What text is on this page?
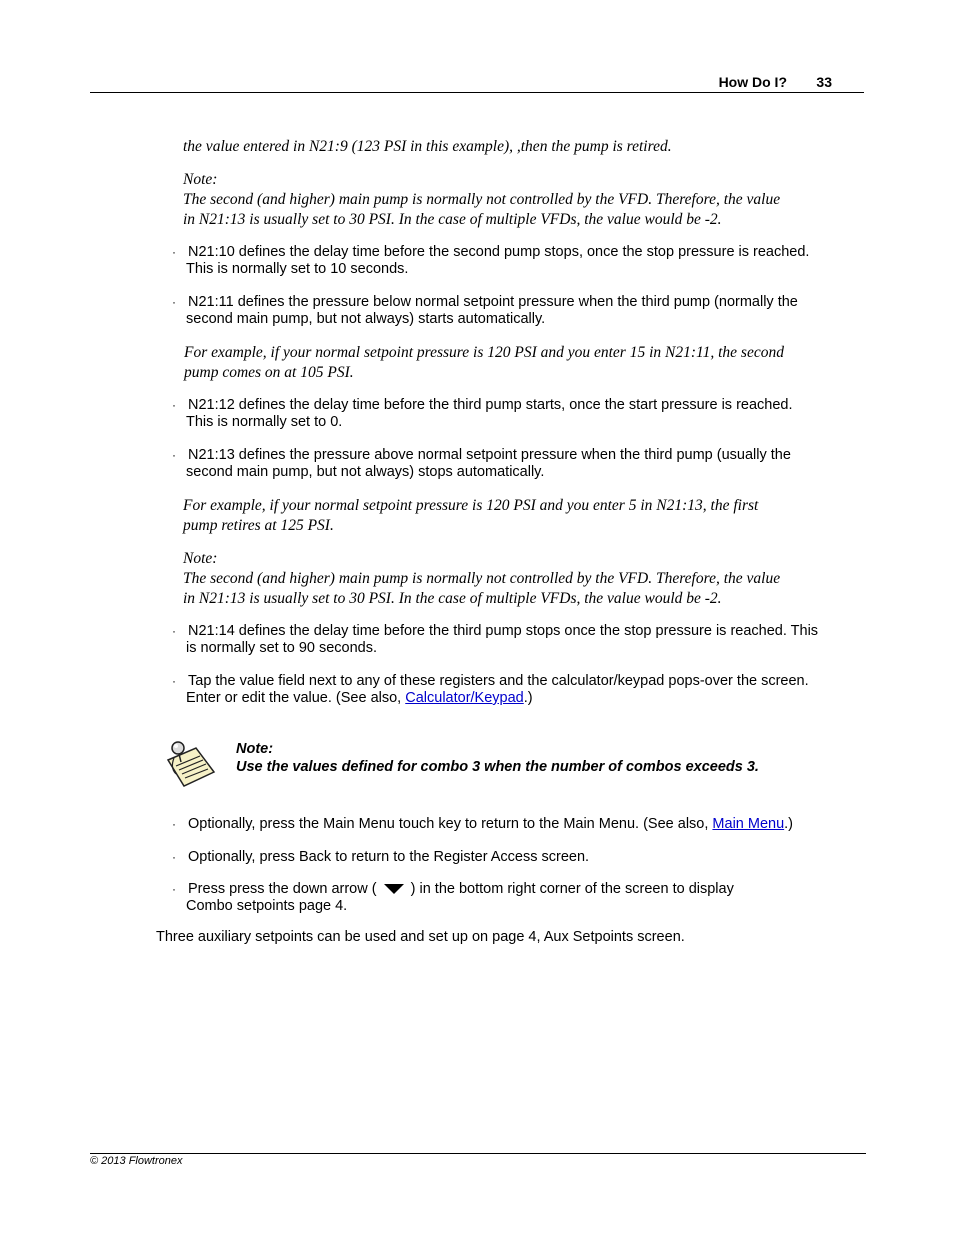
How Do I? 33
the value entered in N21:9 (123 PSI in this example), ,then the pump is retired.
Note:
The second (and higher) main pump is normally not controlled by the VFD. Therefore, the value
in N21:13 is usually set to 30 PSI. In the case of multiple VFDs, the value would be -2.
· N21:10 defines the delay time before the second pump stops, once the stop pressure is reached.
This is normally set to 10 seconds.
· N21:11 defines the pressure below normal setpoint pressure when the third pump (normally the
second main pump, but not always) starts automatically.
For example, if your normal setpoint pressure is 120 PSI and you enter 15 in N21:11, the second
pump comes on at 105 PSI.
· N21:12 defines the delay time before the third pump starts, once the start pressure is reached.
This is normally set to 0.
· N21:13 defines the pressure above normal setpoint pressure when the third pump (usually the
second main pump, but not always) stops automatically.
For example, if your normal setpoint pressure is 120 PSI and you enter 5 in N21:13, the first
pump retires at 125 PSI.
Note:
The second (and higher) main pump is normally not controlled by the VFD. Therefore, the value
in N21:13 is usually set to 30 PSI. In the case of multiple VFDs, the value would be -2.
· N21:14 defines the delay time before the third pump stops once the stop pressure is reached. This
is normally set to 90 seconds.
· Tap the value field next to any of these registers and the calculator/keypad pops-over the screen.
Enter or edit the value. (See also, Calculator/Keypad.)
Note:
Use the values defined for combo 3 when the number of combos exceeds 3.
· Optionally, press the Main Menu touch key to return to the Main Menu. (See also, Main Menu.)
· Optionally, press Back to return to the Register Access screen.
· Press press the down arrow ( ) in the bottom right corner of the screen to display
Combo setpoints page 4.
Three auxiliary setpoints can be used and set up on page 4, Aux Setpoints screen.
© 2013 Flowtronex
